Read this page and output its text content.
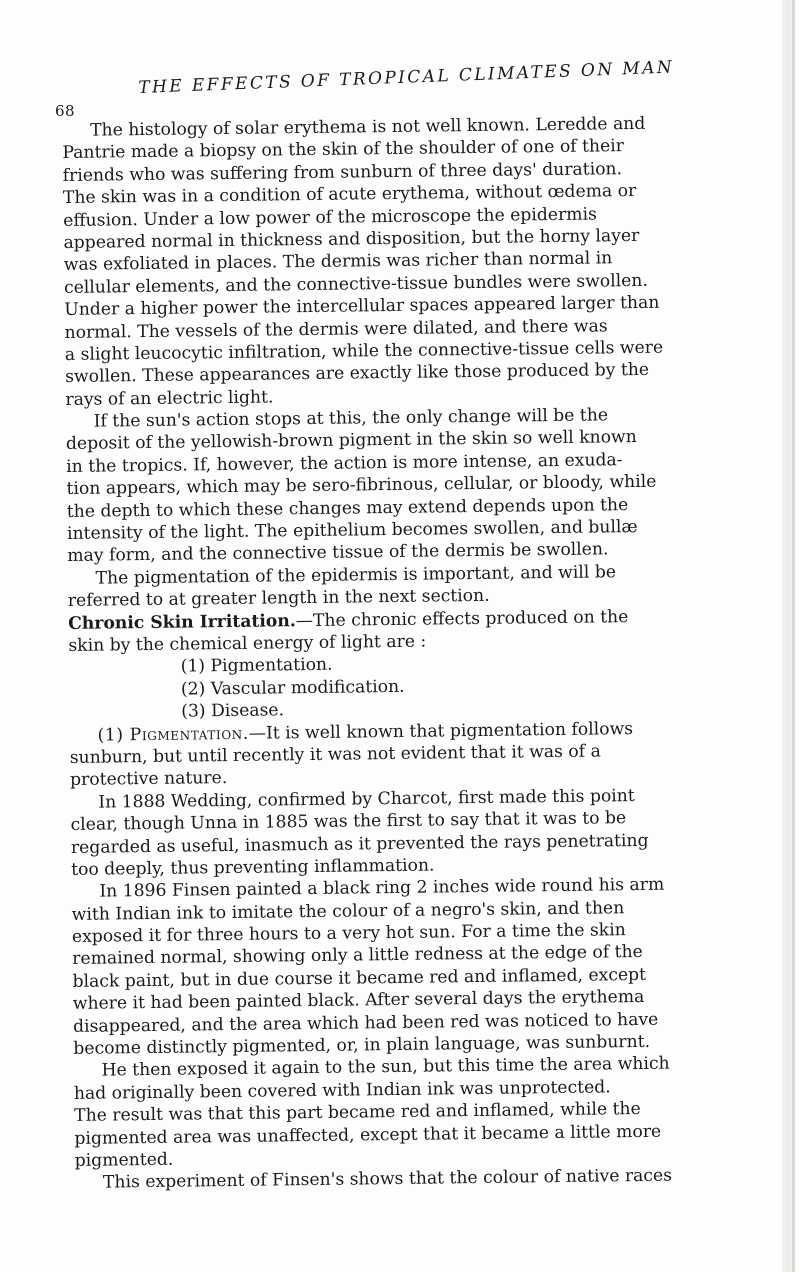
68
THE EFFECTS OF TROPICAL CLIMATES ON MAN
The histology of solar erythema is not well known. Leredde and
Pantrie made a biopsy on the skin of the shoulder of one of their
friends who was suffering from sunburn of three days' duration.
The skin was in a condition of acute erythema, without œdema or
effusion. Under a low power of the microscope the epidermis
appeared normal in thickness and disposition, but the horny layer
was exfoliated in places. The dermis was richer than normal in
cellular elements, and the connective-tissue bundles were swollen.
Under a higher power the intercellular spaces appeared larger than
normal. The vessels of the dermis were dilated, and there was
a slight leucocytic infiltration, while the connective-tissue cells were
swollen. These appearances are exactly like those produced by the
rays of an electric light.
If the sun's action stops at this, the only change will be the
deposit of the yellowish-brown pigment in the skin so well known
in the tropics. If, however, the action is more intense, an exuda-
tion appears, which may be sero-fibrinous, cellular, or bloody, while
the depth to which these changes may extend depends upon the
intensity of the light. The epithelium becomes swollen, and bullæ
may form, and the connective tissue of the dermis be swollen.
The pigmentation of the epidermis is important, and will be
referred to at greater length in the next section.
Chronic Skin Irritation.—The chronic effects produced on the
skin by the chemical energy of light are :
(1) Pigmentation.
(2) Vascular modification.
(3) Disease.
(1) Pigmentation.—It is well known that pigmentation follows
sunburn, but until recently it was not evident that it was of a
protective nature.
In 1888 Wedding, confirmed by Charcot, first made this point
clear, though Unna in 1885 was the first to say that it was to be
regarded as useful, inasmuch as it prevented the rays penetrating
too deeply, thus preventing inflammation.
In 1896 Finsen painted a black ring 2 inches wide round his arm
with Indian ink to imitate the colour of a negro's skin, and then
exposed it for three hours to a very hot sun. For a time the skin
remained normal, showing only a little redness at the edge of the
black paint, but in due course it became red and inflamed, except
where it had been painted black. After several days the erythema
disappeared, and the area which had been red was noticed to have
become distinctly pigmented, or, in plain language, was sunburnt.
He then exposed it again to the sun, but this time the area which
had originally been covered with Indian ink was unprotected.
The result was that this part became red and inflamed, while the
pigmented area was unaffected, except that it became a little more
pigmented.
This experiment of Finsen's shows that the colour of native races
